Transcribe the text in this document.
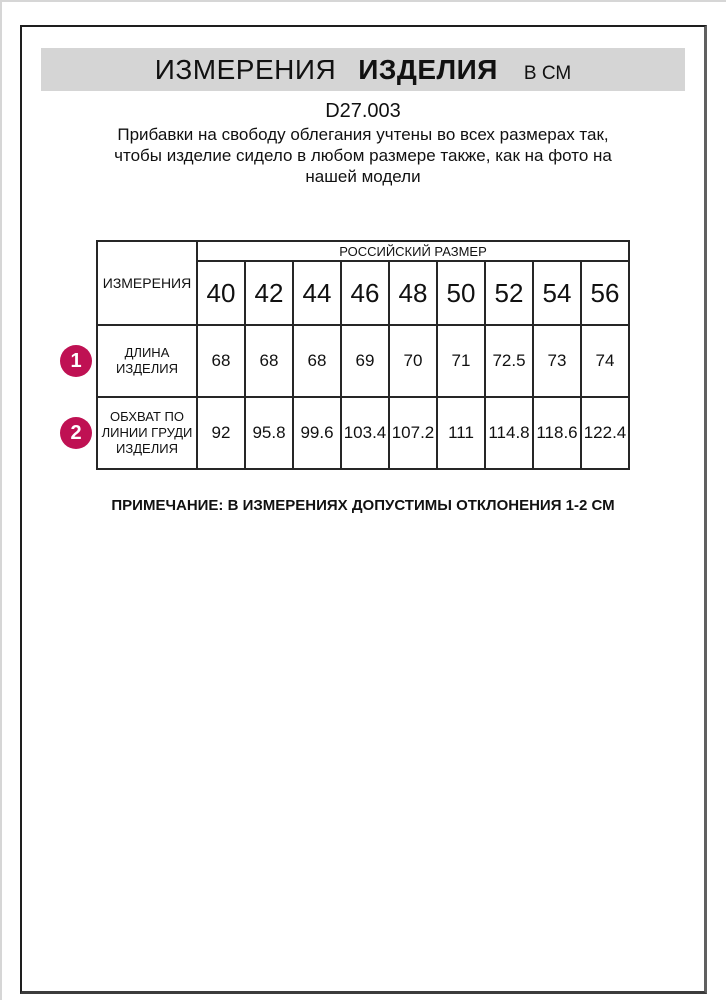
ИЗМЕРЕНИЯ ИЗДЕЛИЯ В СМ
D27.003

Прибавки на свободу облегания учтены во всех размерах так, чтобы изделие сидело в любом размере также, как на фото на нашей модели

ИЗМЕРЕНИЯ	РОССИЙСКИЙ РАЗМЕР								
	40	42	44	46	48	50	52	54	56

1 ДЛИНА ИЗДЕЛИЯ	68	68	68	69	70	71	72.5	73	74

2
ОБХВАТ ПО ЛИНИИ ГРУДИ ИЗДЕЛИЯ	92	95.8	99.6	103.4	107.2	111	114.8	118.6	122.4

ПРИМЕЧАНИЕ: В ИЗМЕРЕНИЯХ ДОПУСТИМЫ ОТКЛОНЕНИЯ 1-2 СМ
